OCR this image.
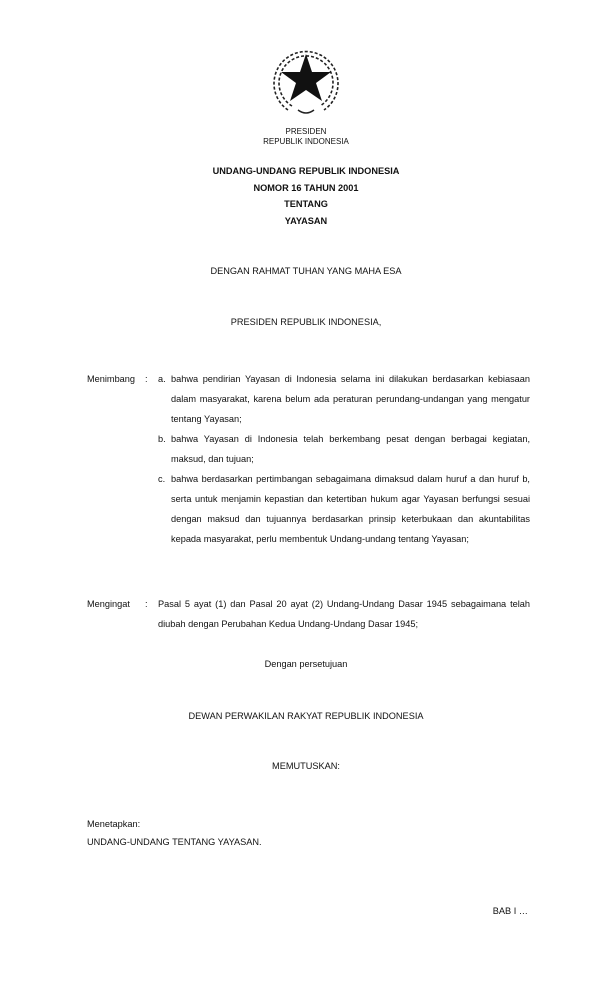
PRESIDEN
REPUBLIK INDONESIA
UNDANG-UNDANG REPUBLIK INDONESIA
NOMOR 16 TAHUN 2001
TENTANG
YAYASAN
DENGAN RAHMAT TUHAN YANG MAHA ESA
PRESIDEN REPUBLIK INDONESIA,
Menimbang : a. bahwa pendirian Yayasan di Indonesia selama ini dilakukan berdasarkan kebiasaan dalam masyarakat, karena belum ada peraturan perundang-undangan yang mengatur tentang Yayasan;
b. bahwa Yayasan di Indonesia telah berkembang pesat dengan berbagai kegiatan, maksud, dan tujuan;
c. bahwa berdasarkan pertimbangan sebagaimana dimaksud dalam huruf a dan huruf b, serta untuk menjamin kepastian dan ketertiban hukum agar Yayasan berfungsi sesuai dengan maksud dan tujuannya berdasarkan prinsip keterbukaan dan akuntabilitas kepada masyarakat, perlu membentuk Undang-undang tentang Yayasan;
Mengingat : Pasal 5 ayat (1) dan Pasal 20 ayat (2) Undang-Undang Dasar 1945 sebagaimana telah diubah dengan Perubahan Kedua Undang-Undang Dasar 1945;
Dengan persetujuan
DEWAN PERWAKILAN RAKYAT REPUBLIK INDONESIA
MEMUTUSKAN:
Menetapkan:
UNDANG-UNDANG TENTANG YAYASAN.
BAB I …
